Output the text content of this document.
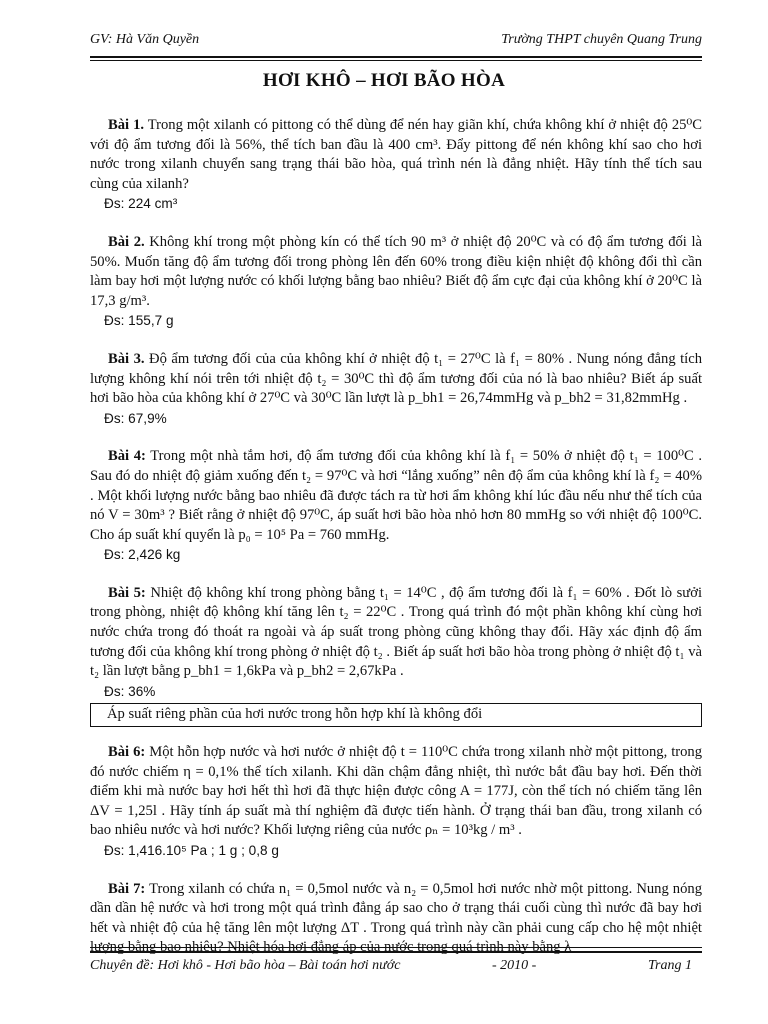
GV: Hà Văn Quyền	Trường THPT chuyên Quang Trung
HƠI KHÔ – HƠI BÃO HÒA

Bài 1. Trong một xilanh có pittong có thể dùng để nén hay giãn khí, chứa không khí ở nhiệt độ 25⁰C với độ ẩm tương đối là 56%, thể tích ban đầu là 400 cm³. Đẩy pittong để nén không khí sao cho hơi nước trong xilanh chuyển sang trạng thái bão hòa, quá trình nén là đẳng nhiệt. Hãy tính thể tích sau cùng của xilanh?

Đs: 224 cm³

Bài 2. Không khí trong một phòng kín có thể tích 90 m³ ở nhiệt độ 20⁰C và có độ ẩm tương đối là 50%. Muốn tăng độ ẩm tương đối trong phòng lên đến 60% trong điều kiện nhiệt độ không đổi thì cần làm bay hơi một lượng nước có khối lượng bằng bao nhiêu? Biết độ ẩm cực đại của không khí ở 20⁰C là 17,3 g/m³.

Đs: 155,7 g

Bài 3. Độ ẩm tương đối của của không khí ở nhiệt độ t₁ = 27⁰C là f₁ = 80% . Nung nóng đẳng tích lượng không khí nói trên tới nhiệt độ t₂ = 30⁰C thì độ ẩm tương đối của nó là bao nhiêu? Biết áp suất hơi bão hòa của không khí ở 27⁰C và 30⁰C lần lượt là p_bh1 = 26,74mmHg và p_bh2 = 31,82mmHg .

Đs: 67,9%

Bài 4: Trong một nhà tắm hơi, độ ẩm tương đối của không khí là f₁ = 50% ở nhiệt độ t₁ = 100⁰C . Sau đó do nhiệt độ giảm xuống đến t₂ = 97⁰C và hơi “lắng xuống” nên độ ẩm của không khí là f₂ = 40% . Một khối lượng nước bằng bao nhiêu đã được tách ra từ hơi ẩm không khí lúc đầu nếu như thể tích của nó V = 30m³ ? Biết rằng ở nhiệt độ 97⁰C, áp suất hơi bão hòa nhỏ hơn 80 mmHg so với nhiệt độ 100⁰C. Cho áp suất khí quyển là p₀ = 10⁵ Pa = 760 mmHg.

Đs: 2,426 kg

Bài 5: Nhiệt độ không khí trong phòng bằng t₁ = 14⁰C , độ ẩm tương đối là f₁ = 60% . Đốt lò sưởi trong phòng, nhiệt độ không khí tăng lên t₂ = 22⁰C . Trong quá trình đó một phần không khí cùng hơi nước chứa trong đó thoát ra ngoài và áp suất trong phòng cũng không thay đổi. Hãy xác định độ ẩm tương đối của không khí trong phòng ở nhiệt độ t₂ . Biết áp suất hơi bão hòa trong phòng ở nhiệt độ t₁ và t₂ lần lượt bằng p_bh1 = 1,6kPa và p_bh2 = 2,67kPa .

Đs: 36%

Áp suất riêng phần của hơi nước trong hỗn hợp khí là không đổi

Bài 6: Một hỗn hợp nước và hơi nước ở nhiệt độ t = 110⁰C chứa trong xilanh nhờ một pittong, trong đó nước chiếm η = 0,1% thể tích xilanh. Khi dãn chậm đẳng nhiệt, thì nước bắt đầu bay hơi. Đến thời điểm khi mà nước bay hơi hết thì hơi đã thực hiện được công A = 177J, còn thể tích nó chiếm tăng lên ΔV = 1,25l . Hãy tính áp suất mà thí nghiệm đã được tiến hành. Ở trạng thái ban đầu, trong xilanh có bao nhiêu nước và hơi nước? Khối lượng riêng của nước ρₙ = 10³kg / m³ .

Đs: 1,416.10⁵ Pa ; 1 g ; 0,8 g

Bài 7: Trong xilanh có chứa n₁ = 0,5mol nước và n₂ = 0,5mol hơi nước nhờ một pittong. Nung nóng dần dần hệ nước và hơi trong một quá trình đẳng áp sao cho ở trạng thái cuối cùng thì nước đã bay hơi hết và nhiệt độ của hệ tăng lên một lượng ΔT . Trong quá trình này cần phải cung cấp cho hệ một nhiệt lượng bằng bao nhiêu? Nhiệt hóa hơi đẳng áp của nước trong quá trình này bằng λ

Chuyên đề: Hơi khô - Hơi bão hòa – Bài toán hơi nước	- 2010 -	Trang 1
